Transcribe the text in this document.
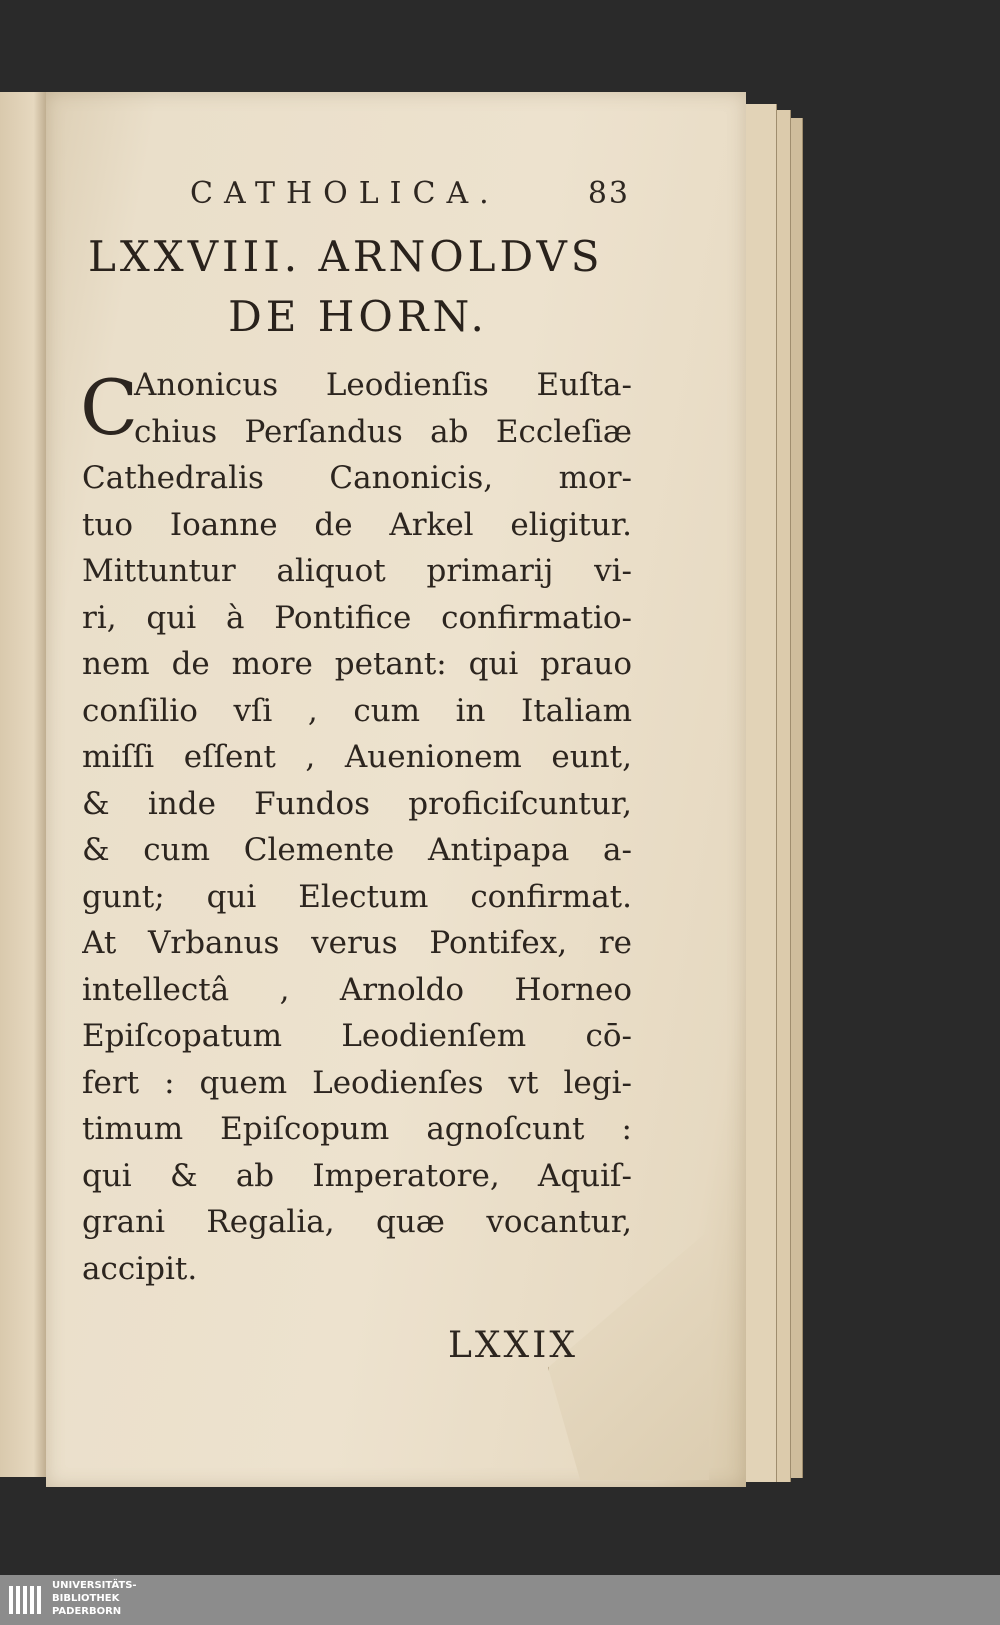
CATHOLICA.	83
LXXVIII. ARNOLDVS
DE HORN.
C
Anonicus Leodienſis Euſta-
chius Perſandus ab Eccleſiæ
Cathedralis Canonicis, mor-
tuo Ioanne de Arkel eligitur.
Mittuntur aliquot primarij vi-
ri, qui à Pontifice confirmatio-
nem de more petant: qui prauo
conſilio vſi , cum in Italiam
miſſi eſſent , Auenionem eunt,
& inde Fundos proficiſcuntur,
& cum Clemente Antipapa a-
gunt; qui Electum confirmat.
At Vrbanus verus Pontifex, re
intellectâ , Arnoldo Horneo
Epiſcopatum Leodienſem cō-
fert : quem Leodienſes vt legi-
timum Epiſcopum agnoſcunt :
qui & ab Imperatore, Aquiſ-
grani Regalia, quæ vocantur,
accipit.
LXXIX
UNIVERSITÄTS-
BIBLIOTHEK
PADERBORN
